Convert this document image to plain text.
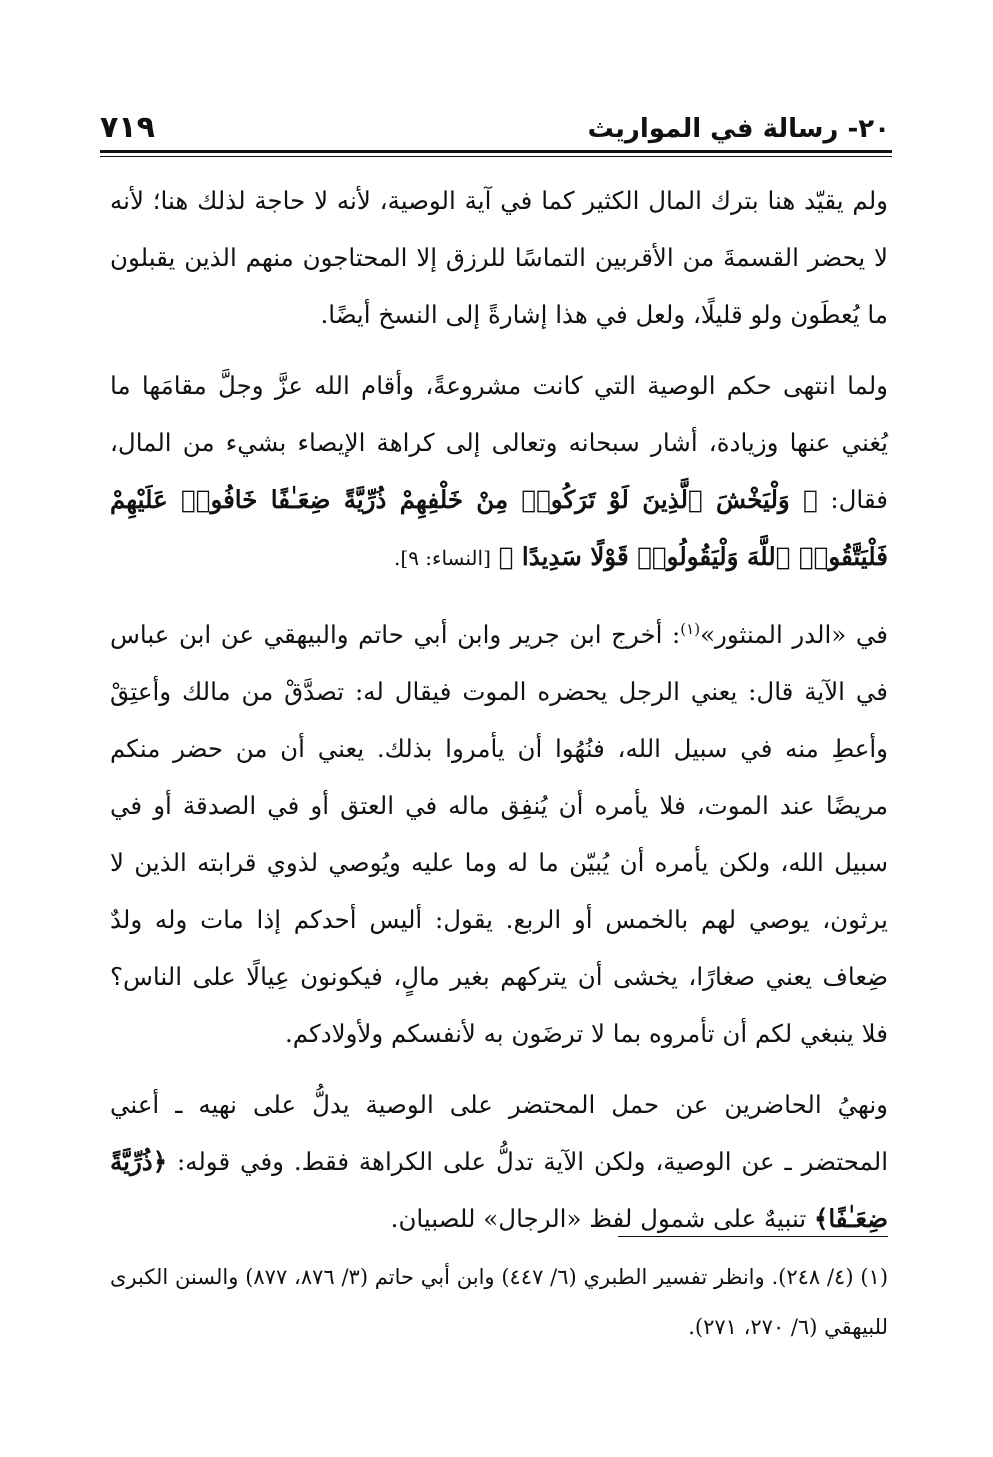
٧١٩	٢٠- رسالة في المواريث

ولم يقيّد هنا بترك المال الكثير كما في آية الوصية، لأنه لا حاجة لذلك هنا؛ لأنه لا يحضر القسمةَ من الأقربين التماسًا للرزق إلا المحتاجون منهم الذين يقبلون ما يُعطَون ولو قليلًا، ولعل في هذا إشارةً إلى النسخ أيضًا.

ولما انتهى حكم الوصية التي كانت مشروعةً، وأقام الله عزَّ وجلَّ مقامَها ما يُغني عنها وزيادة، أشار سبحانه وتعالى إلى كراهة الإيصاء بشيء من المال، فقال: ﴿ وَلْيَخْشَ ٱلَّذِينَ لَوْ تَرَكُوا۟ مِنْ خَلْفِهِمْ ذُرِّيَّةً ضِعَـٰفًا خَافُوا۟ عَلَيْهِمْ فَلْيَتَّقُوا۟ ٱللَّهَ وَلْيَقُولُوا۟ قَوْلًا سَدِيدًا ﴾ [النساء: ٩].

في «الدر المنثور»$^{(١)}$: أخرج ابن جرير وابن أبي حاتم والبيهقي عن ابن عباس في الآية قال: يعني الرجل يحضره الموت فيقال له: تصدَّقْ من مالك وأعتِقْ وأعطِ منه في سبيل الله، فنُهُوا أن يأمروا بذلك. يعني أن من حضر منكم مريضًا عند الموت، فلا يأمره أن يُنفِق ماله في العتق أو في الصدقة أو في سبيل الله، ولكن يأمره أن يُبيّن ما له وما عليه ويُوصي لذوي قرابته الذين لا يرثون، يوصي لهم بالخمس أو الربع. يقول: أليس أحدكم إذا مات وله ولدٌ ضِعاف يعني صغارًا، يخشى أن يتركهم بغير مالٍ، فيكونون عِيالًا على الناس؟ فلا ينبغي لكم أن تأمروه بما لا ترضَون به لأنفسكم ولأولادكم.

ونهيُ الحاضرين عن حمل المحتضر على الوصية يدلُّ على نهيه ـ أعني المحتضر ـ عن الوصية، ولكن الآية تدلُّ على الكراهة فقط. وفي قوله: ﴿ذُرِّيَّةً ضِعَـٰفًا﴾ تنبيهٌ على شمول لفظ «الرجال» للصبيان.

(١) (٤/ ٢٤٨). وانظر تفسير الطبري (٦/ ٤٤٧) وابن أبي حاتم (٣/ ٨٧٦، ٨٧٧) والسنن الكبرى للبيهقي (٦/ ٢٧٠، ٢٧١).
